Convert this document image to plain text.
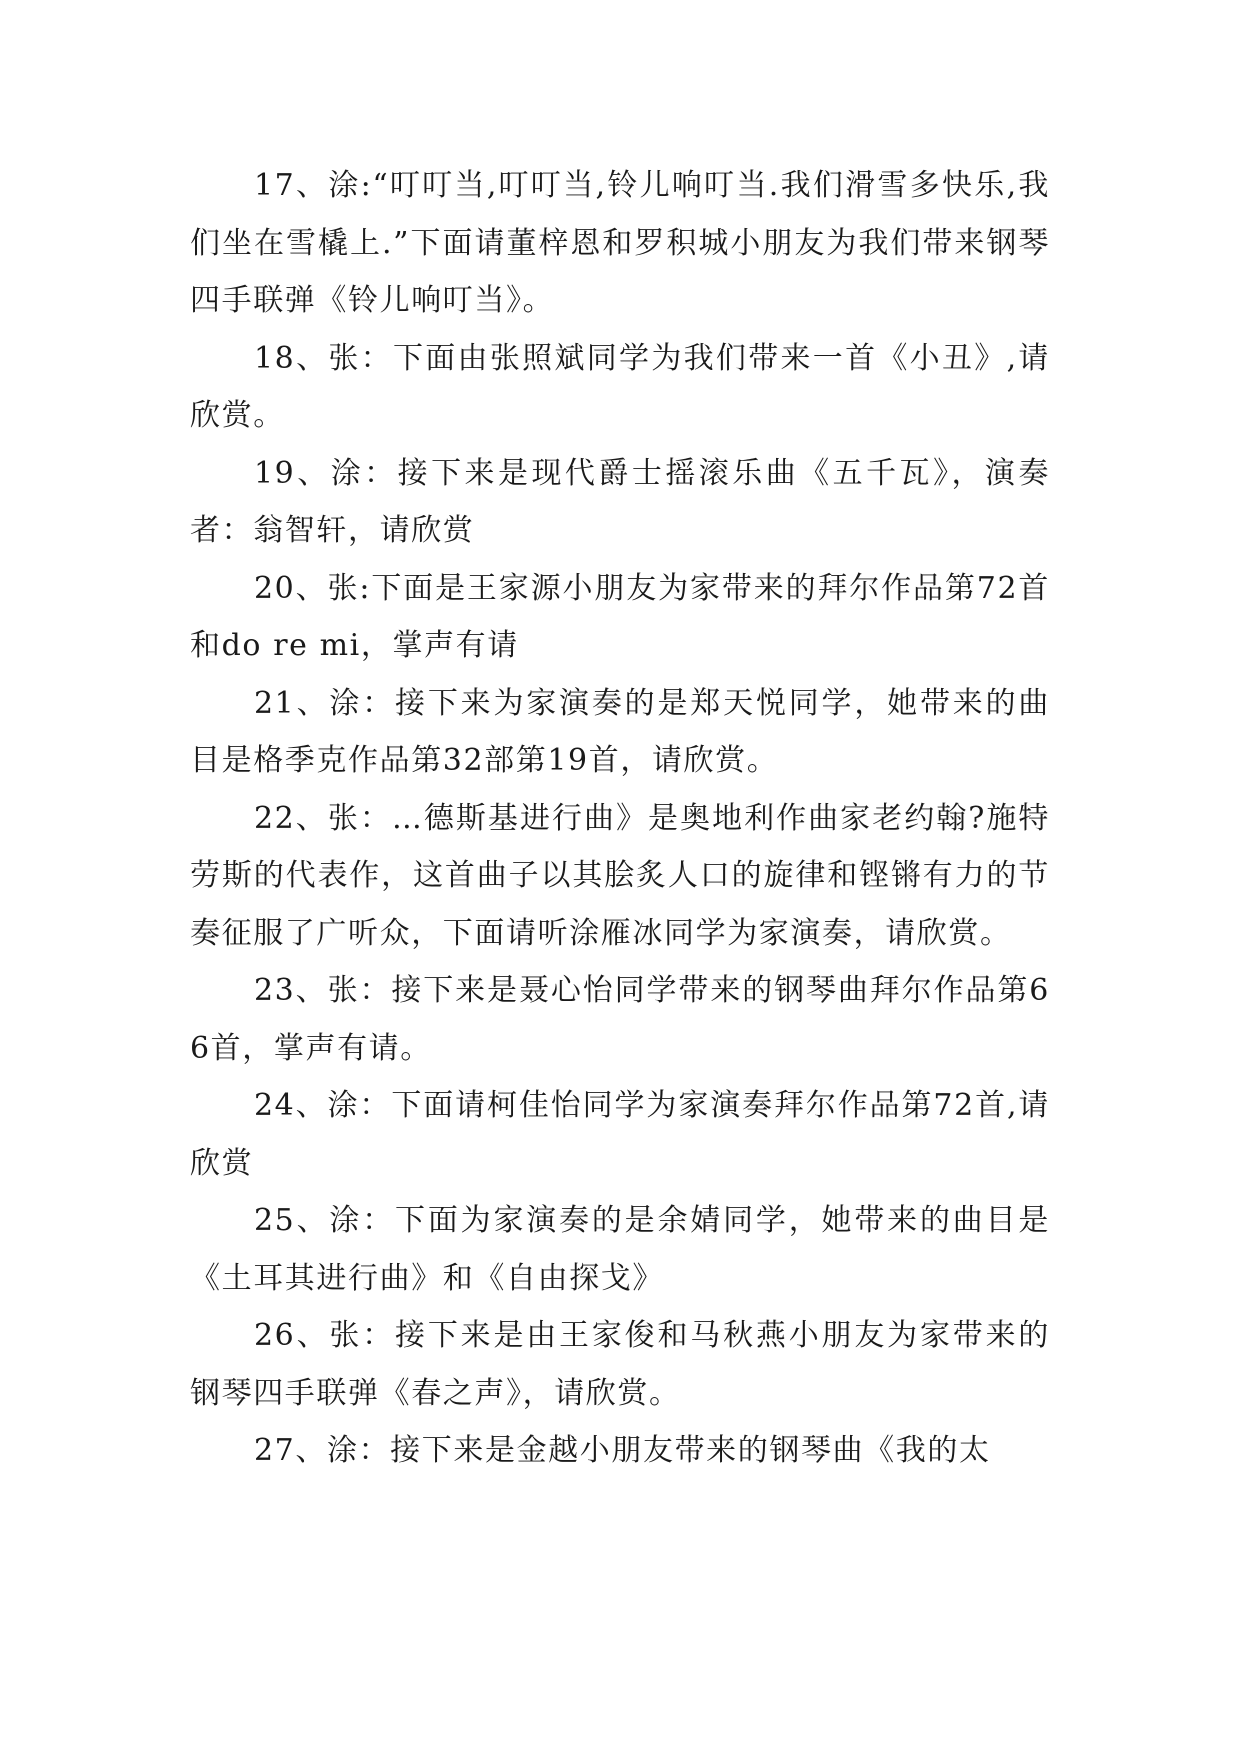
17、涂:“叮叮当,叮叮当,铃儿响叮当.我们滑雪多快乐,我们坐在雪橇上.”下面请董梓恩和罗积城小朋友为我们带来钢琴四手联弹《铃儿响叮当》。

18、张：下面由张照斌同学为我们带来一首《小丑》,请欣赏。

19、涂：接下来是现代爵士摇滚乐曲《五千瓦》，演奏者：翁智轩，请欣赏

20、张:下面是王家源小朋友为家带来的拜尔作品第72首和do re mi，掌声有请

21、涂：接下来为家演奏的是郑天悦同学，她带来的曲目是格季克作品第32部第19首，请欣赏。

22、张：…德斯基进行曲》是奥地利作曲家老约翰?施特劳斯的代表作，这首曲子以其脍炙人口的旋律和铿锵有力的节奏征服了广听众，下面请听涂雁冰同学为家演奏，请欣赏。

23、张：接下来是聂心怡同学带来的钢琴曲拜尔作品第66首，掌声有请。

24、涂：下面请柯佳怡同学为家演奏拜尔作品第72首,请欣赏

25、涂：下面为家演奏的是余婧同学，她带来的曲目是《土耳其进行曲》和《自由探戈》

26、张：接下来是由王家俊和马秋燕小朋友为家带来的钢琴四手联弹《春之声》，请欣赏。

27、涂：接下来是金越小朋友带来的钢琴曲《我的太
